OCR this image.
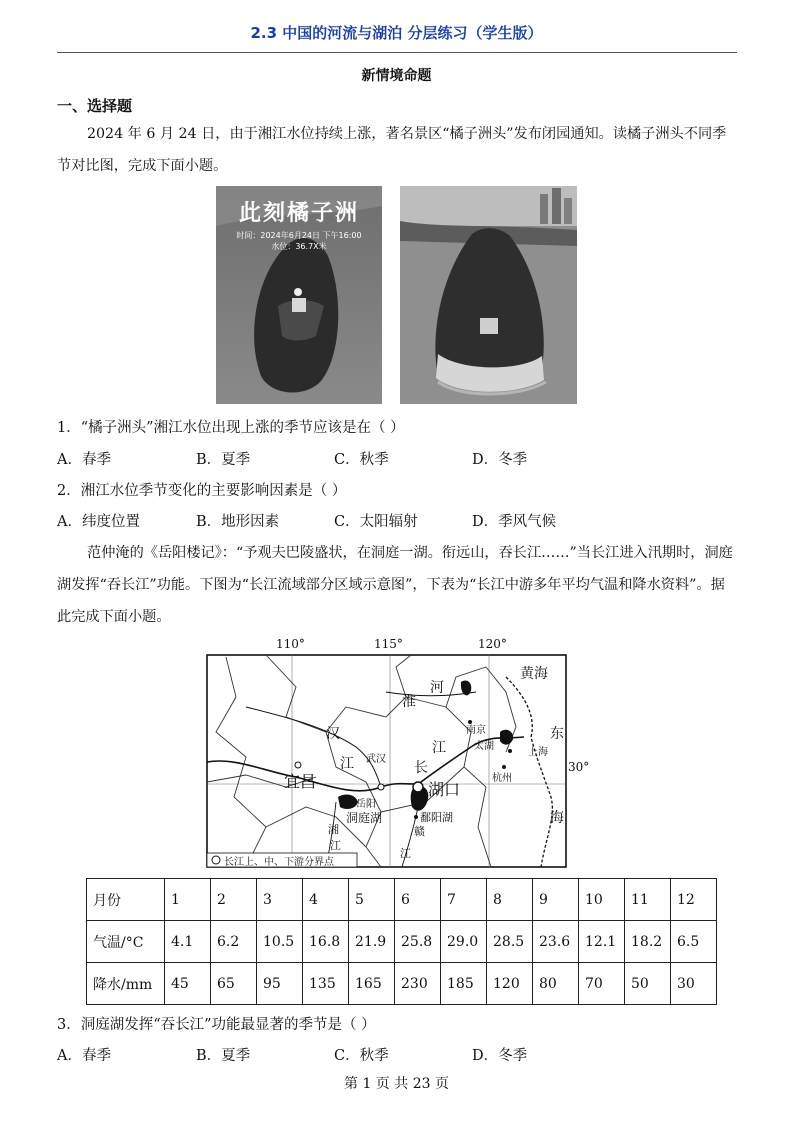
2.3 中国的河流与湖泊 分层练习（学生版）
新情境命题
一、选择题
2024 年 6 月 24 日，由于湘江水位持续上涨，著名景区“橘子洲头”发布闭园通知。读橘子洲头不同季节对比图，完成下面小题。
此刻橘子洲
时间：2024年6月24日 下午16:00
水位：36.7X米
1．“橘子洲头”湘江水位出现上涨的季节应该是在（ ）
A．春季	B．夏季	C．秋季	D．冬季
2．湘江水位季节变化的主要影响因素是（ ）
A．纬度位置	B．地形因素	C．太阳辐射	D．季风气候
范仲淹的《岳阳楼记》：“予观夫巴陵盛状，在洞庭一湖。衔远山，吞长江……”当长江进入汛期时，洞庭湖发挥“吞长江”功能。下图为“长江流域部分区域示意图”，下表为“长江中游多年平均气温和降水资料”。据此完成下面小题。
110°	115°	120°
30°
黄海
东
海
淮
河
汉
江
江
长
武汉
南京
太湖
上海
杭州
宜昌	湖口
岳阳
洞庭湖	鄱阳湖
湘
江
赣
江
长江上、中、下游分界点
月份	1	2	3	4	5	6	7	8	9	10	11	12
气温/°C	4.1	6.2	10.5	16.8	21.9	25.8	29.0	28.5	23.6	12.1	18.2	6.5
降水/mm	45	65	95	135	165	230	185	120	80	70	50	30
3．洞庭湖发挥“吞长江”功能最显著的季节是（ ）
A．春季	B．夏季	C．秋季	D．冬季
第 1 页 共 23 页
